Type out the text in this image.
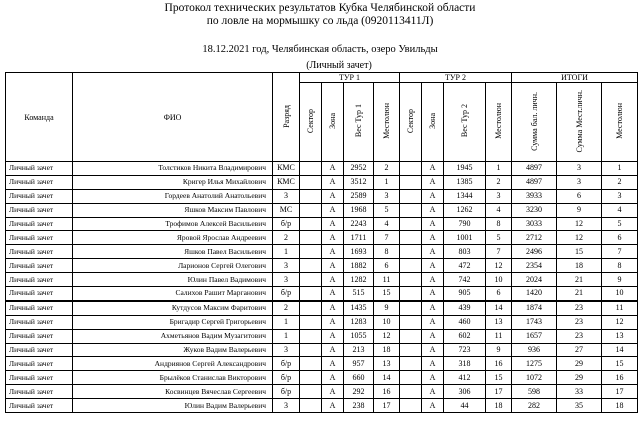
Протокол технических результатов Кубка Челябинской области
по ловле на мормышку со льда (0920113411Л)
18.12.2021 год, Челябинская область, озеро Увильды
(Личный зачет)
Команда	ФИО	Разряд	ТУР 1				ТУР 2				ИТОГИ		
			Сектор	Зона	Вес Тур 1	Местолюн	Сектор	Зона	Вес Тур 2	Местолюн	Сумма бал. личн.	Сумма Мест.личн.	Местолюн
Личный зачет	Толстиков Никита Владимирович	КМС		А	2952	2		А	1945	1	4897	3	1
Личный зачет	Кригер Илья Михайлович	КМС		А	3512	1		А	1385	2	4897	3	2
Личный зачет	Гордеев Анатолий Анатольевич	3		А	2589	3		А	1344	3	3933	6	3
Личный зачет	Яшков Максим Павлович	МС		А	1968	5		А	1262	4	3230	9	4
Личный зачет	Трофимов Алексей Васильевич	б/р		А	2243	4		А	790	8	3033	12	5
Личный зачет	Яровой Ярослав Андреевич	2		А	1711	7		А	1001	5	2712	12	6
Личный зачет	Яшков Павел Васильевич	1		А	1693	8		А	803	7	2496	15	7
Личный зачет	Ларионов Сергей Олегович	3		А	1882	6		А	472	12	2354	18	8
Личный зачет	Юлин Павел Вадимович	3		А	1282	11		А	742	10	2024	21	9
Личный зачет	Салихов Рашит Марганович	б/р		А	515	15		А	905	6	1420	21	10
Личный зачет	Кутдусов Максим Фаритович	2		А	1435	9		А	439	14	1874	23	11
Личный зачет	Бригадир Сергей Григорьевич	1		А	1283	10		А	460	13	1743	23	12
Личный зачет	Ахметьянов Вадим Музагитович	1		А	1055	12		А	602	11	1657	23	13
Личный зачет	Жуков Вадим Валерьевич	3		А	213	18		А	723	9	936	27	14
Личный зачет	Андриянов Сергей Александрович	б/р		А	957	13		А	318	16	1275	29	15
Личный зачет	Брылёков Станислав Викторович	б/р		А	660	14		А	412	15	1072	29	16
Личный зачет	Косвинцев Вячеслав Сергеевич	б/р		А	292	16		А	306	17	598	33	17
Личный зачет	Юлин Вадим Валерьевич	3		А	238	17		А	44	18	282	35	18
